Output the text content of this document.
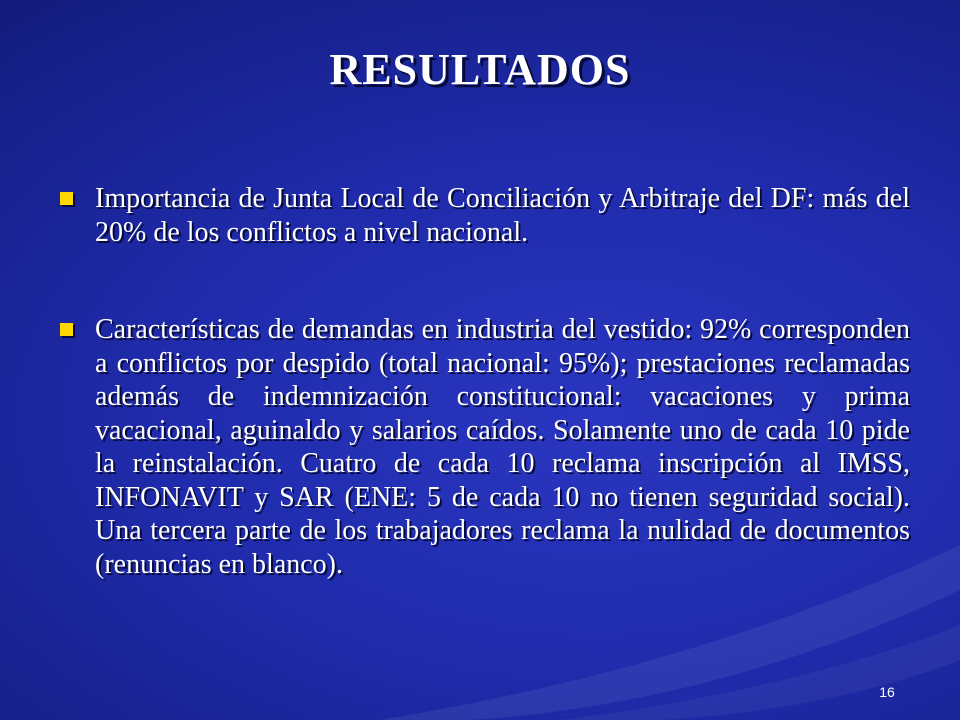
RESULTADOS
Importancia de Junta Local de Conciliación y Arbitraje del DF: más del 20% de los conflictos a nivel nacional.
Características de demandas en industria del vestido: 92% corresponden a conflictos por despido (total nacional: 95%); prestaciones reclamadas además de indemnización constitucional: vacaciones y prima vacacional, aguinaldo y salarios caídos. Solamente uno de cada 10 pide la reinstalación. Cuatro de cada 10 reclama inscripción al IMSS, INFONAVIT y SAR (ENE: 5 de cada 10 no tienen seguridad social). Una tercera parte de los trabajadores reclama la nulidad de documentos (renuncias en blanco).
16
